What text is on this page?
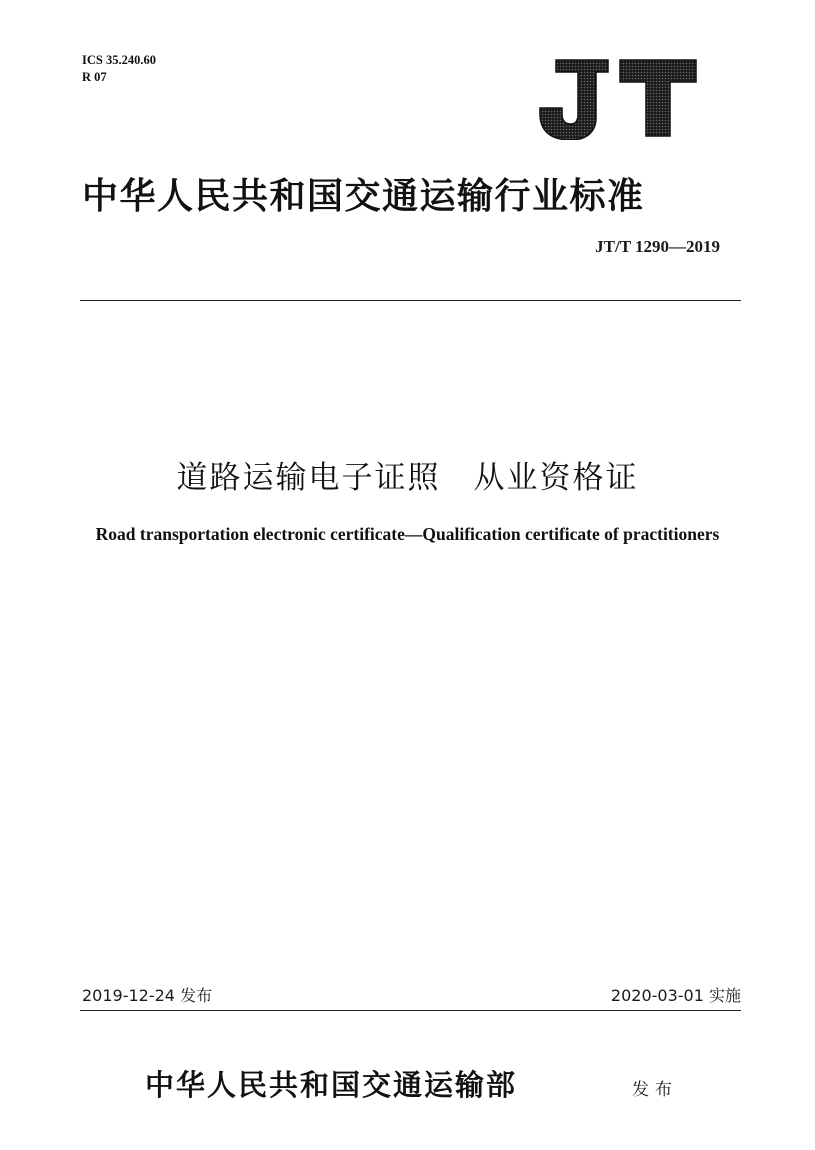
ICS 35.240.60
R 07
中华人民共和国交通运输行业标准
JT/T 1290—2019
道路运输电子证照　从业资格证
Road transportation electronic certificate—Qualification certificate of practitioners
2019-12-24 发布	2020-03-01 实施
中华人民共和国交通运输部	发布
